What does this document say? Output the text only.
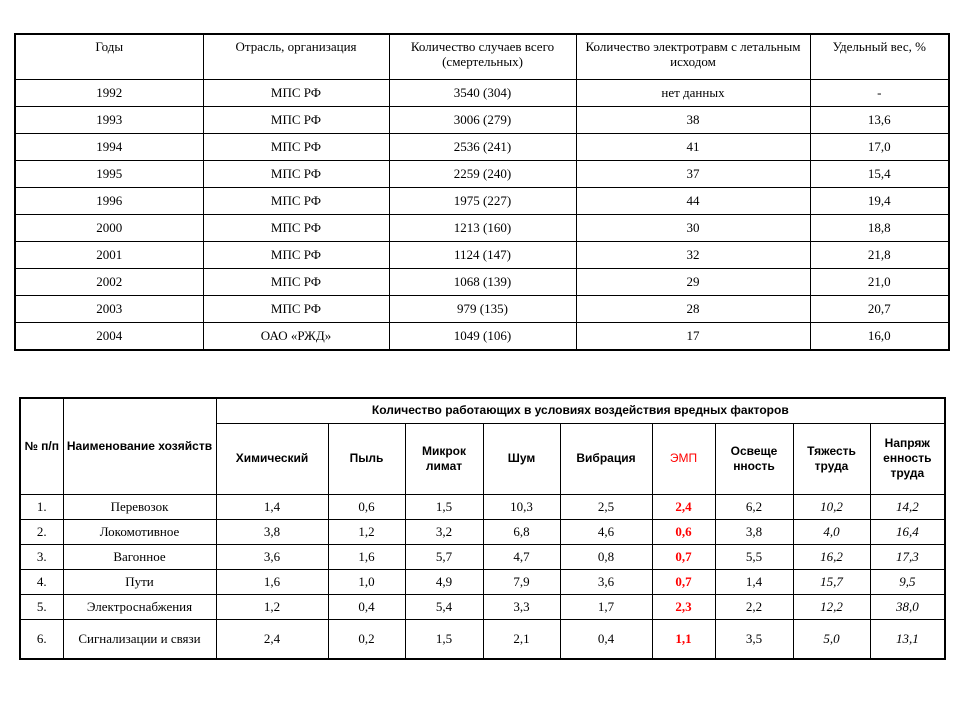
Годы	Отрасль, организация	Количество случаев всего (смертельных)	Количество электротравм с летальным исходом	Удельный вес, %
1992	МПС РФ	3540 (304)	нет данных	-
1993	МПС РФ	3006 (279)	38	13,6
1994	МПС РФ	2536 (241)	41	17,0
1995	МПС РФ	2259 (240)	37	15,4
1996	МПС РФ	1975 (227)	44	19,4
2000	МПС РФ	1213 (160)	30	18,8
2001	МПС РФ	1124 (147)	32	21,8
2002	МПС РФ	1068 (139)	29	21,0
2003	МПС РФ	979 (135)	28	20,7
2004	ОАО «РЖД»	1049 (106)	17	16,0
№ п/п	Наименование хозяйств	Количество работающих в условиях воздействия вредных факторов								
		Химический	Пыль	Микрок лимат	Шум	Вибрация	ЭМП	Освеще нность	Тяжесть труда	Напряж енность труда
1.	Перевозок	1,4	0,6	1,5	10,3	2,5	2,4	6,2	10,2	14,2
2.	Локомотивное	3,8	1,2	3,2	6,8	4,6	0,6	3,8	4,0	16,4
3.	Вагонное	3,6	1,6	5,7	4,7	0,8	0,7	5,5	16,2	17,3
4.	Пути	1,6	1,0	4,9	7,9	3,6	0,7	1,4	15,7	9,5
5.	Электроснабжения	1,2	0,4	5,4	3,3	1,7	2,3	2,2	12,2	38,0
6.	Сигнализации и связи	2,4	0,2	1,5	2,1	0,4	1,1	3,5	5,0	13,1
